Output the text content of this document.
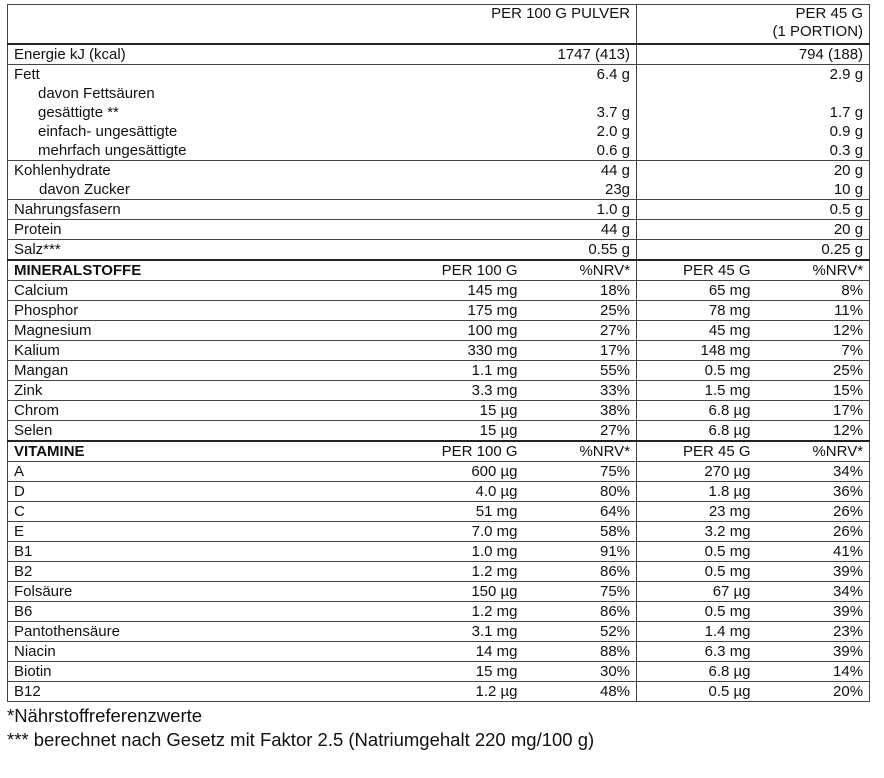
PER 100 G PULVER			PER 45 G
(1 PORTION)	

Energie kJ (kcal)	1747 (413)		794 (188)	
Fett	6.4 g		2.9 g	
davon Fettsäuren				
gesättigte **	3.7 g		1.7 g	
einfach- ungesättigte	2.0 g		0.9 g	
mehrfach ungesättigte	0.6 g		0.3 g	
Kohlenhydrate	44 g		20 g	
davon Zucker	23g		10 g	
Nahrungsfasern	1.0 g		0.5 g	
Protein	44 g		20 g	
Salz***	0.55 g		0.25 g	
MINERALSTOFFE	PER 100 G	%NRV*	PER 45 G	%NRV*
Calcium	145 mg	18%	65 mg	8%
Phosphor	175 mg	25%	78 mg	11%
Magnesium	100 mg	27%	45 mg	12%
Kalium	330 mg	17%	148 mg	7%
Mangan	1.1 mg	55%	0.5 mg	25%
Zink	3.3 mg	33%	1.5 mg	15%
Chrom	15 µg	38%	6.8 µg	17%
Selen	15 µg	27%	6.8 µg	12%
VITAMINE	PER 100 G	%NRV*	PER 45 G	%NRV*
A	600 µg	75%	270 µg	34%
D	4.0 µg	80%	1.8 µg	36%
C	51 mg	64%	23 mg	26%
E	7.0 mg	58%	3.2 mg	26%
B1	1.0 mg	91%	0.5 mg	41%
B2	1.2 mg	86%	0.5 mg	39%
Folsäure	150 µg	75%	67 µg	34%
B6	1.2 mg	86%	0.5 mg	39%
Pantothensäure	3.1 mg	52%	1.4 mg	23%
Niacin	14 mg	88%	6.3 mg	39%
Biotin	15 mg	30%	6.8 µg	14%
B12	1.2 µg	48%	0.5 µg	20%
*Nährstoffreferenzwerte
*** berechnet nach Gesetz mit Faktor 2.5 (Natriumgehalt 220 mg/100 g)
